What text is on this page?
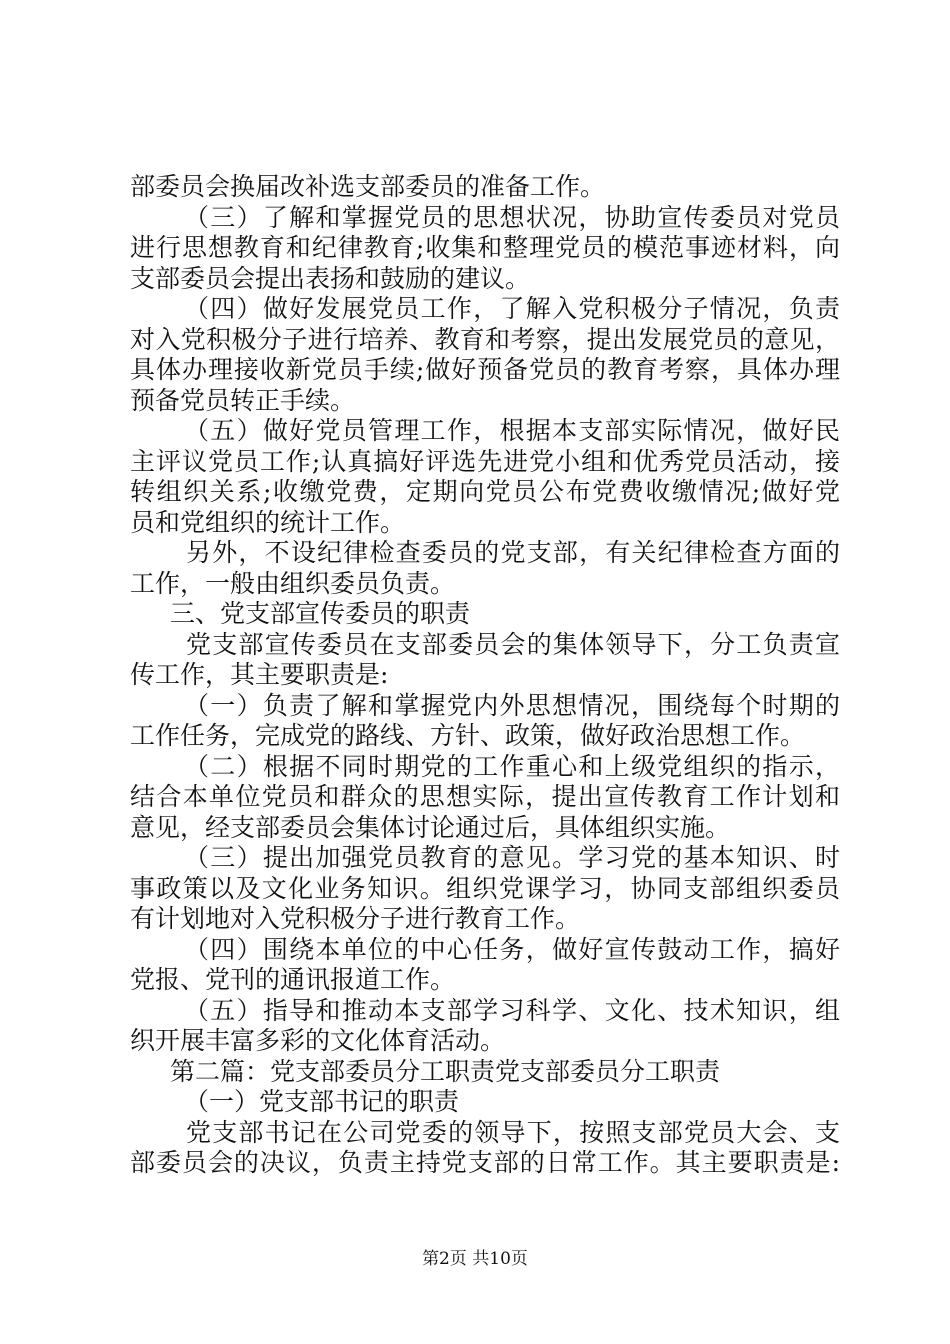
部委员会换届改补选支部委员的准备工作。
（三）了解和掌握党员的思想状况，协助宣传委员对党员
进行思想教育和纪律教育;收集和整理党员的模范事迹材料，向
支部委员会提出表扬和鼓励的建议。
（四）做好发展党员工作，了解入党积极分子情况，负责
对入党积极分子进行培养、教育和考察，提出发展党员的意见，
具体办理接收新党员手续;做好预备党员的教育考察，具体办理
预备党员转正手续。
（五）做好党员管理工作，根据本支部实际情况，做好民
主评议党员工作;认真搞好评选先进党小组和优秀党员活动，接
转组织关系;收缴党费，定期向党员公布党费收缴情况;做好党
员和党组织的统计工作。
另外，不设纪律检查委员的党支部，有关纪律检查方面的
工作，一般由组织委员负责。
三、党支部宣传委员的职责
党支部宣传委员在支部委员会的集体领导下，分工负责宣
传工作，其主要职责是:
（一）负责了解和掌握党内外思想情况，围绕每个时期的
工作任务，完成党的路线、方针、政策，做好政治思想工作。
（二）根据不同时期党的工作重心和上级党组织的指示，
结合本单位党员和群众的思想实际，提出宣传教育工作计划和
意见，经支部委员会集体讨论通过后，具体组织实施。
（三）提出加强党员教育的意见。学习党的基本知识、时
事政策以及文化业务知识。组织党课学习，协同支部组织委员
有计划地对入党积极分子进行教育工作。
（四）围绕本单位的中心任务，做好宣传鼓动工作，搞好
党报、党刊的通讯报道工作。
（五）指导和推动本支部学习科学、文化、技术知识，组
织开展丰富多彩的文化体育活动。
第二篇：党支部委员分工职责党支部委员分工职责
（一）党支部书记的职责
党支部书记在公司党委的领导下，按照支部党员大会、支
部委员会的决议，负责主持党支部的日常工作。其主要职责是:
第2页 共10页
